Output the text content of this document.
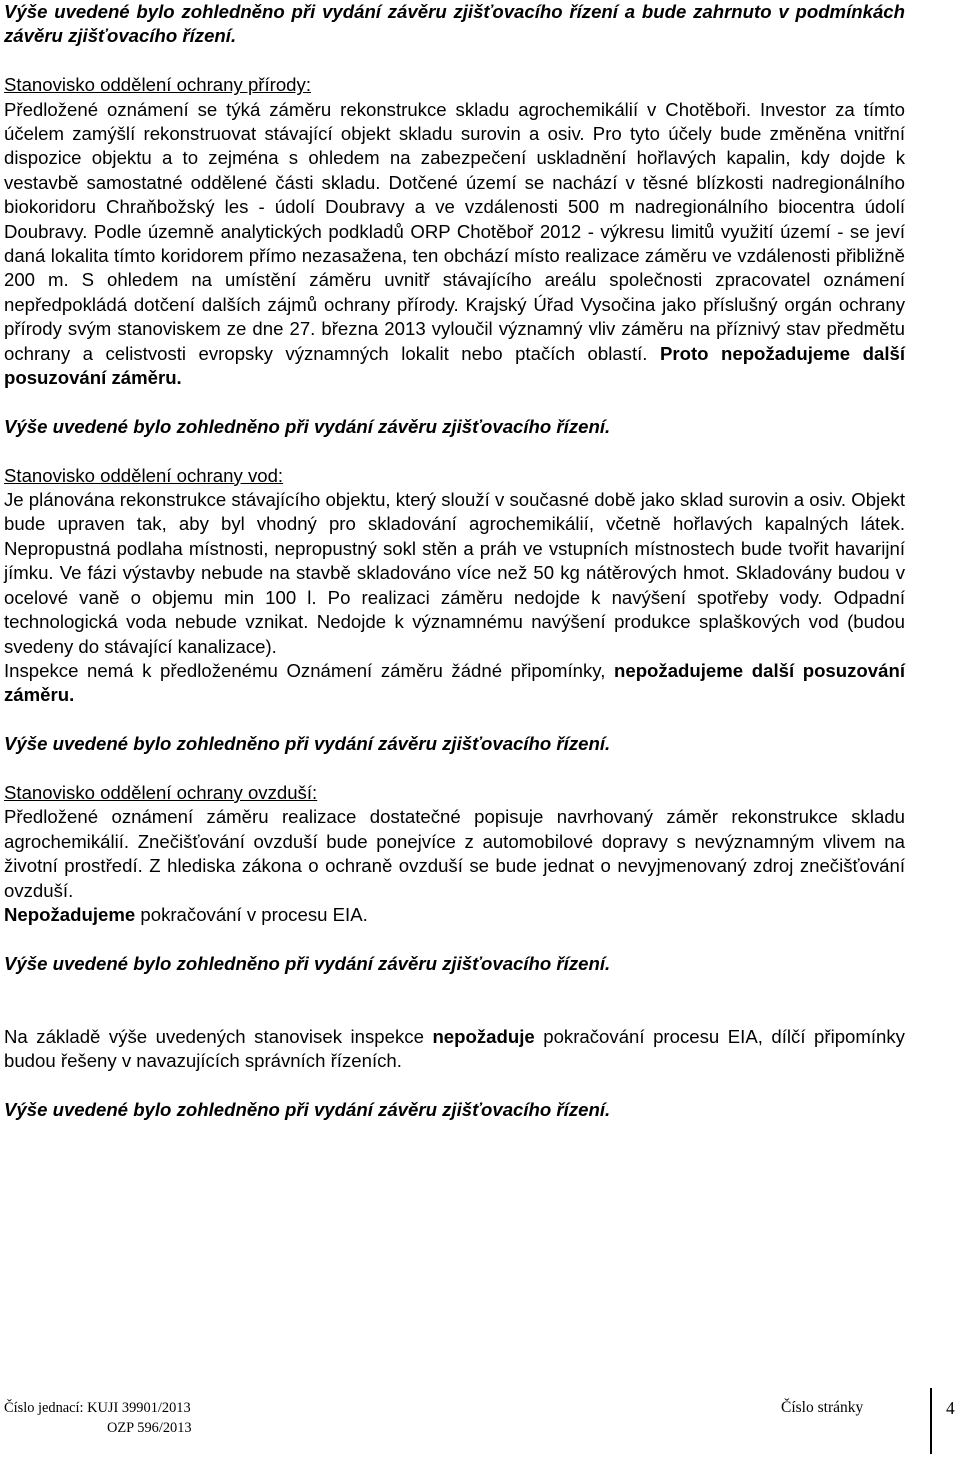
Výše uvedené bylo zohledněno při vydání závěru zjišťovacího řízení a bude zahrnuto v podmínkách závěru zjišťovacího řízení.

Stanovisko oddělení ochrany přírody:

Předložené oznámení se týká záměru rekonstrukce skladu agrochemikálií v Chotěboři. Investor za tímto účelem zamýšlí rekonstruovat stávající objekt skladu surovin a osiv. Pro tyto účely bude změněna vnitřní dispozice objektu a to zejména s ohledem na zabezpečení uskladnění hořlavých kapalin, kdy dojde k vestavbě samostatné oddělené části skladu. Dotčené území se nachází v těsné blízkosti nadregionálního biokoridoru Chraňbožský les - údolí Doubravy a ve vzdálenosti 500 m nadregionálního biocentra údolí Doubravy. Podle územně analytických podkladů ORP Chotěboř 2012 - výkresu limitů využití území - se jeví daná lokalita tímto koridorem přímo nezasažena, ten obchází místo realizace záměru ve vzdálenosti přibližně 200 m. S ohledem na umístění záměru uvnitř stávajícího areálu společnosti zpracovatel oznámení nepředpokládá dotčení dalších zájmů ochrany přírody. Krajský Úřad Vysočina jako příslušný orgán ochrany přírody svým stanoviskem ze dne 27. března 2013 vyloučil významný vliv záměru na příznivý stav předmětu ochrany a celistvosti evropsky významných lokalit nebo ptačích oblastí. Proto nepožadujeme další posuzování záměru.

Výše uvedené bylo zohledněno při vydání závěru zjišťovacího řízení.

Stanovisko oddělení ochrany vod:

Je plánována rekonstrukce stávajícího objektu, který slouží v současné době jako sklad surovin a osiv. Objekt bude upraven tak, aby byl vhodný pro skladování agrochemikálií, včetně hořlavých kapalných látek. Nepropustná podlaha místnosti, nepropustný sokl stěn a práh ve vstupních místnostech bude tvořit havarijní jímku. Ve fázi výstavby nebude na stavbě skladováno více než 50 kg nátěrových hmot. Skladovány budou v ocelové vaně o objemu min 100 l. Po realizaci záměru nedojde k navýšení spotřeby vody. Odpadní technologická voda nebude vznikat. Nedojde k významnému navýšení produkce splaškových vod (budou svedeny do stávající kanalizace).

Inspekce nemá k předloženému Oznámení záměru žádné připomínky, nepožadujeme další posuzování záměru.

Výše uvedené bylo zohledněno při vydání závěru zjišťovacího řízení.

Stanovisko oddělení ochrany ovzduší:

Předložené oznámení záměru realizace dostatečné popisuje navrhovaný záměr rekonstrukce skladu agrochemikálií. Znečišťování ovzduší bude ponejvíce z automobilové dopravy s nevýznamným vlivem na životní prostředí. Z hlediska zákona o ochraně ovzduší se bude jednat o nevyjmenovaný zdroj znečišťování ovzduší.

Nepožadujeme pokračování v procesu EIA.

Výše uvedené bylo zohledněno při vydání závěru zjišťovacího řízení.

Na základě výše uvedených stanovisek inspekce nepožaduje pokračování procesu EIA, dílčí připomínky budou řešeny v navazujících správních řízeních.

Výše uvedené bylo zohledněno při vydání závěru zjišťovacího řízení.

Číslo jednací: KUJI 39901/2013
OZP 596/2013
Číslo stránky	4
